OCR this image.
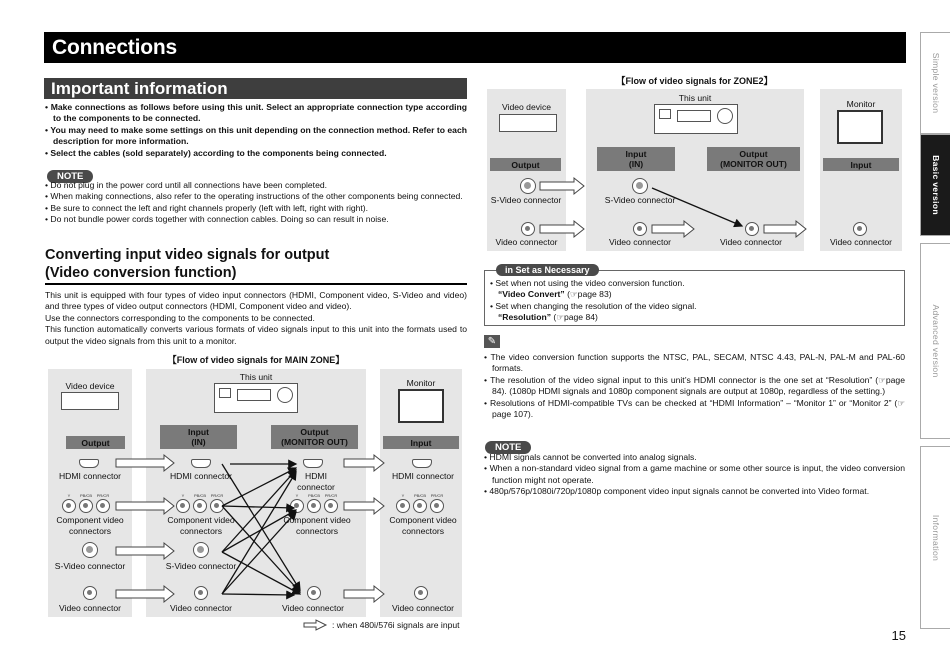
Connections
Important information
• Make connections as follows before using this unit. Select an appropriate connection type according to the components to be connected.
• You may need to make some settings on this unit depending on the connection method. Refer to each description for more information.
• Select the cables (sold separately) according to the components being connected.
NOTE
• Do not plug in the power cord until all connections have been completed.
• When making connections, also refer to the operating instructions of the other components being connected.
• Be sure to connect the left and right channels properly (left with left, right with right).
• Do not bundle power cords together with connection cables. Doing so can result in noise.
Converting input video signals for output
(Video conversion function)
This unit is equipped with four types of video input connectors (HDMI, Component video, S-Video and video) and three types of video output connectors (HDMI, Component video and video).
Use the connectors corresponding to the components to be connected.
This function automatically converts various formats of video signals input to this unit into the formats used to output the video signals from this unit to a monitor.
【Flow of video signals for MAIN ZONE】
Video device
This unit
Monitor
Output
Input
(IN)
Output
(MONITOR OUT)	Input
HDMI connector	HDMI connector	HDMI
connector
HDMI connector
Y	PB/CB PR/CR	Y	PB/CB PR/CR	Y	PB/CB PR/CR	Y	PB/CB PR/CR
Component video
connectors
Component video
connectors
Component video
connectors
Component video
connectors
S-Video connector	S-Video connector
Video connector	Video connector	Video connector	Video connector
: when 480i/576i signals are input
【Flow of video signals for ZONE2】
Video device
This unit
Monitor
Output
Input
(IN)
Output
(MONITOR OUT)	Input
S-Video connector	S-Video connector
Video connector	Video connector	Video connector	Video connector
in Set as Necessary
• Set when not using the video conversion function.
“Video Convert” (☞page 83)
• Set when changing the resolution of the video signal.
“Resolution” (☞page 84)
✎
• The video conversion function supports the NTSC, PAL, SECAM, NTSC 4.43, PAL-N, PAL-M and PAL-60 formats.
• The resolution of the video signal input to this unit’s HDMI connector is the one set at “Resolution” (☞page 84). (1080p HDMI signals and 1080p component signals are output at 1080p, regardless of the setting.)
• Resolutions of HDMI-compatible TVs can be checked at “HDMI Information” – “Monitor 1” or “Monitor 2” (☞page 107).
NOTE
• HDMI signals cannot be converted into analog signals.
• When a non-standard video signal from a game machine or some other source is input, the video conversion function might not operate.
• 480p/576p/1080i/720p/1080p component video input signals cannot be converted into Video format.
Simple version
Basic version
Advanced version
Information
15
